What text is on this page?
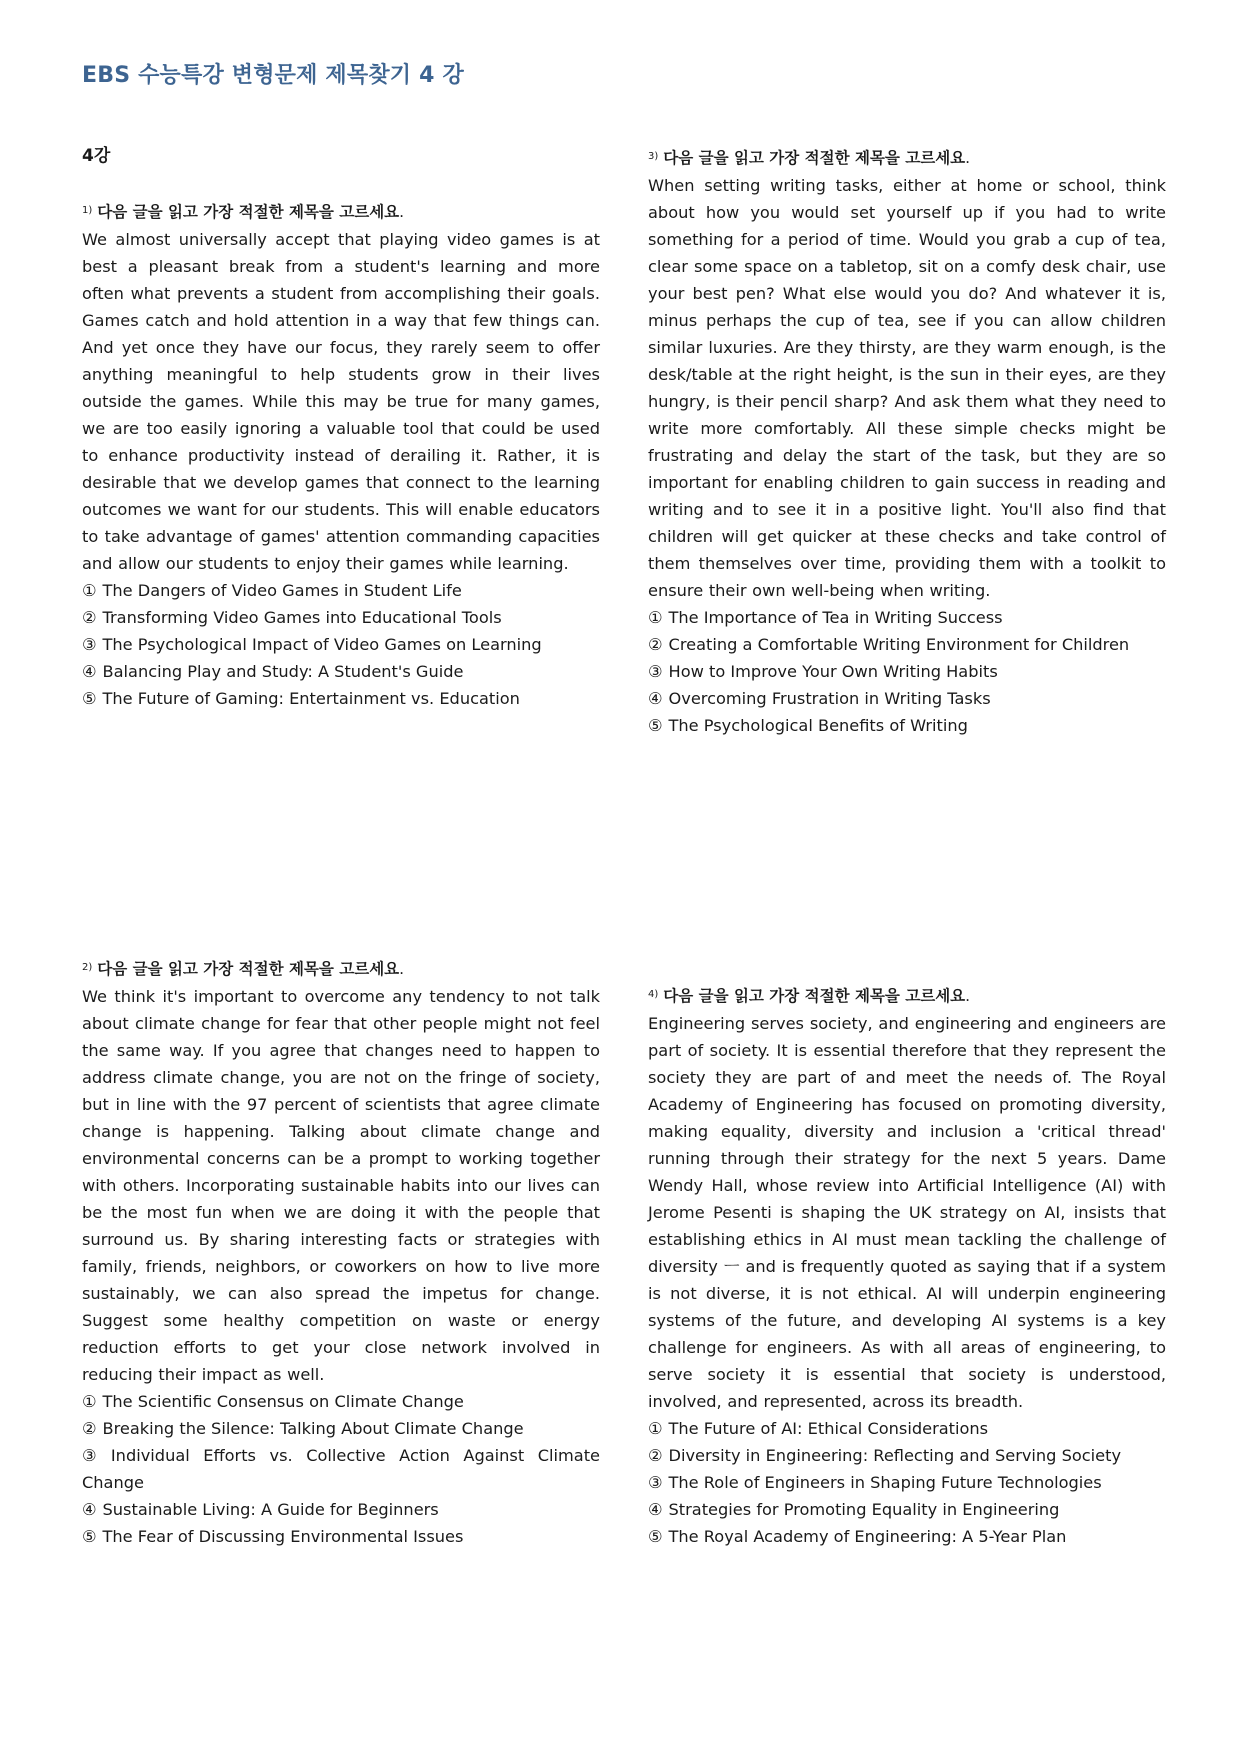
EBS 수능특강 변형문제 제목찾기 4 강
4강
$^{1)}$ 다음 글을 읽고 가장 적절한 제목을 고르세요.
We almost universally accept that playing video games is at best a pleasant break from a student's learning and more often what prevents a student from accomplishing their goals. Games catch and hold attention in a way that few things can. And yet once they have our focus, they rarely seem to offer anything meaningful to help students grow in their lives outside the games. While this may be true for many games, we are too easily ignoring a valuable tool that could be used to enhance productivity instead of derailing it. Rather, it is desirable that we develop games that connect to the learning outcomes we want for our students. This will enable educators to take advantage of games' attention commanding capacities and allow our students to enjoy their games while learning.
① The Dangers of Video Games in Student Life
② Transforming Video Games into Educational Tools
③ The Psychological Impact of Video Games on Learning
④ Balancing Play and Study: A Student's Guide
⑤ The Future of Gaming: Entertainment vs. Education
$^{2)}$ 다음 글을 읽고 가장 적절한 제목을 고르세요.
We think it's important to overcome any tendency to not talk about climate change for fear that other people might not feel the same way. If you agree that changes need to happen to address climate change, you are not on the fringe of society, but in line with the 97 percent of scientists that agree climate change is happening. Talking about climate change and environmental concerns can be a prompt to working together with others. Incorporating sustainable habits into our lives can be the most fun when we are doing it with the people that surround us. By sharing interesting facts or strategies with family, friends, neighbors, or coworkers on how to live more sustainably, we can also spread the impetus for change. Suggest some healthy competition on waste or energy reduction efforts to get your close network involved in reducing their impact as well.
① The Scientific Consensus on Climate Change
② Breaking the Silence: Talking About Climate Change
③ Individual Efforts vs. Collective Action Against Climate Change
④ Sustainable Living: A Guide for Beginners
⑤ The Fear of Discussing Environmental Issues
$^{3)}$ 다음 글을 읽고 가장 적절한 제목을 고르세요.
When setting writing tasks, either at home or school, think about how you would set yourself up if you had to write something for a period of time. Would you grab a cup of tea, clear some space on a tabletop, sit on a comfy desk chair, use your best pen? What else would you do? And whatever it is, minus perhaps the cup of tea, see if you can allow children similar luxuries. Are they thirsty, are they warm enough, is the desk/table at the right height, is the sun in their eyes, are they hungry, is their pencil sharp? And ask them what they need to write more comfortably. All these simple checks might be frustrating and delay the start of the task, but they are so important for enabling children to gain success in reading and writing and to see it in a positive light. You'll also find that children will get quicker at these checks and take control of them themselves over time, providing them with a toolkit to ensure their own well-being when writing.
① The Importance of Tea in Writing Success
② Creating a Comfortable Writing Environment for Children
③ How to Improve Your Own Writing Habits
④ Overcoming Frustration in Writing Tasks
⑤ The Psychological Benefits of Writing
$^{4)}$ 다음 글을 읽고 가장 적절한 제목을 고르세요.
Engineering serves society, and engineering and engineers are part of society. It is essential therefore that they represent the society they are part of and meet the needs of. The Royal Academy of Engineering has focused on promoting diversity, making equality, diversity and inclusion a 'critical thread' running through their strategy for the next 5 years. Dame Wendy Hall, whose review into Artificial Intelligence (AI) with Jerome Pesenti is shaping the UK strategy on AI, insists that establishing ethics in AI must mean tackling the challenge of diversity ㅡ and is frequently quoted as saying that if a system is not diverse, it is not ethical. AI will underpin engineering systems of the future, and developing AI systems is a key challenge for engineers. As with all areas of engineering, to serve society it is essential that society is understood, involved, and represented, across its breadth.
① The Future of AI: Ethical Considerations
② Diversity in Engineering: Reflecting and Serving Society
③ The Role of Engineers in Shaping Future Technologies
④ Strategies for Promoting Equality in Engineering
⑤ The Royal Academy of Engineering: A 5-Year Plan
